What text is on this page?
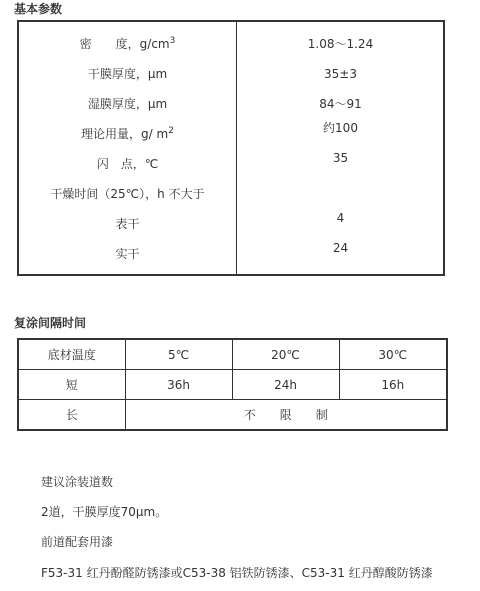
基本参数
密　　度，$g/cm^3$	1.08～1.24
干膜厚度，μm	35±3
湿膜厚度，μm	84～91
理论用量，g/ $m^2$	约100
闪　点，℃	35
干燥时间（25℃），h 不大于
表干	4
实干	24
复涂间隔时间
底材温度	5℃	20℃	30℃
短	36h	24h	16h
长	不　　限　　制		
建议涂装道数
2道，干膜厚度70μm。
前道配套用漆
F53-31 红丹酚醛防锈漆或C53-38 铝铁防锈漆、C53-31 红丹醇酸防锈漆
